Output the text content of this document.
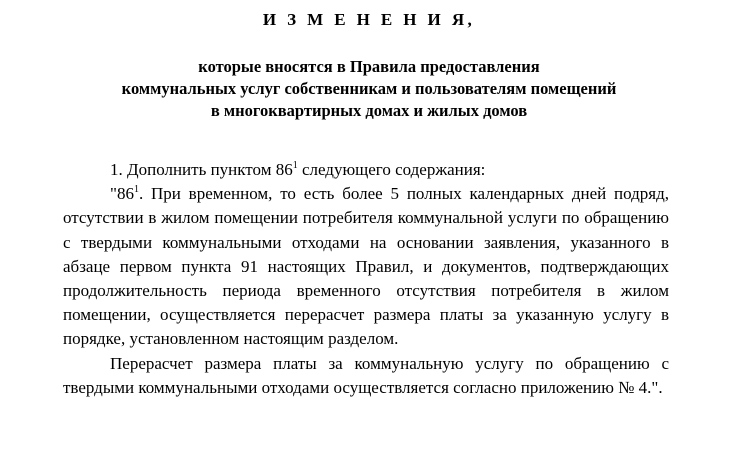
И З М Е Н Е Н И Я,
которые вносятся в Правила предоставления
коммунальных услуг собственникам и пользователям помещений
в многоквартирных домах и жилых домов

1. Дополнить пунктом $86^1$ следующего содержания:

"$86^1$. При временном, то есть более 5 полных календарных дней подряд, отсутствии в жилом помещении потребителя коммунальной услуги по обращению с твердыми коммунальными отходами на основании заявления, указанного в абзаце первом пункта 91 настоящих Правил, и документов, подтверждающих продолжительность периода временного отсутствия потребителя в жилом помещении, осуществляется перерасчет размера платы за указанную услугу в порядке, установленном настоящим разделом.

Перерасчет размера платы за коммунальную услугу по обращению с твердыми коммунальными отходами осуществляется согласно приложению № 4.".
